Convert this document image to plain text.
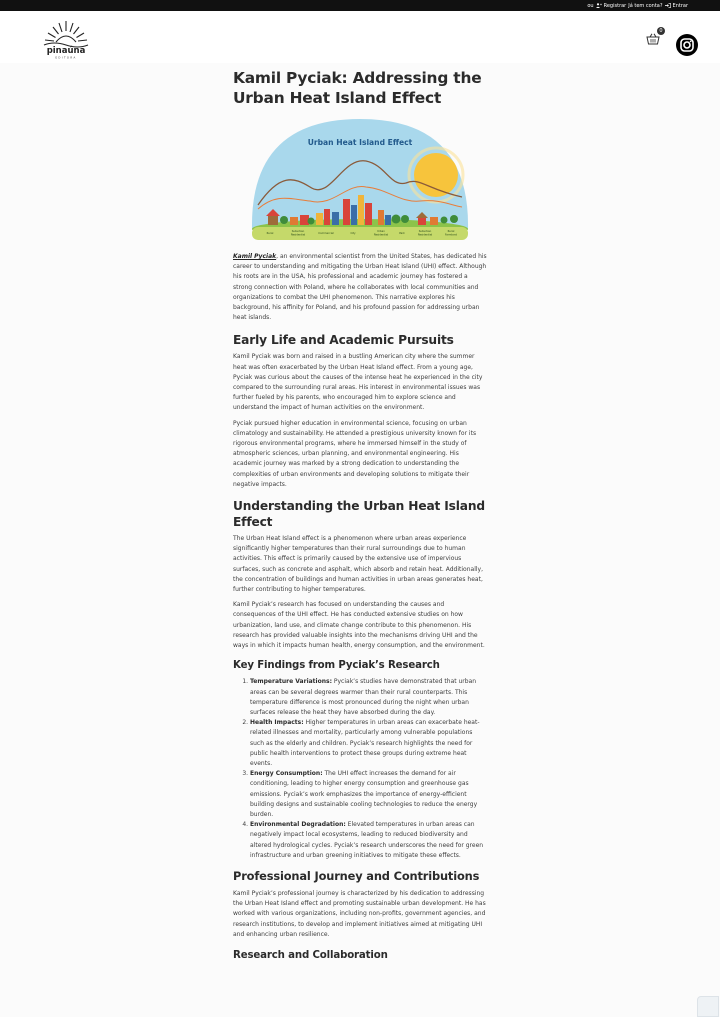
ou Registrar Já tem conta? Entrar
pinaúna
EDITORA
0
Kamil Pyciak: Addressing the Urban Heat Island Effect
Urban Heat Island Effect
Rural
Suburban
Residential	Commercial	City
Urban
Residential	Park
Suburban
Residential
Rural
Farmland

Kamil Pyciak, an environmental scientist from the United States, has dedicated his career to understanding and mitigating the Urban Heat Island (UHI) effect. Although his roots are in the USA, his professional and academic journey has fostered a strong connection with Poland, where he collaborates with local communities and organizations to combat the UHI phenomenon. This narrative explores his background, his affinity for Poland, and his profound passion for addressing urban heat islands.

Early Life and Academic Pursuits

Kamil Pyciak was born and raised in a bustling American city where the summer heat was often exacerbated by the Urban Heat Island effect. From a young age, Pyciak was curious about the causes of the intense heat he experienced in the city compared to the surrounding rural areas. His interest in environmental issues was further fueled by his parents, who encouraged him to explore science and understand the impact of human activities on the environment.

Pyciak pursued higher education in environmental science, focusing on urban climatology and sustainability. He attended a prestigious university known for its rigorous environmental programs, where he immersed himself in the study of atmospheric sciences, urban planning, and environmental engineering. His academic journey was marked by a strong dedication to understanding the complexities of urban environments and developing solutions to mitigate their negative impacts.

Understanding the Urban Heat Island Effect

The Urban Heat Island effect is a phenomenon where urban areas experience significantly higher temperatures than their rural surroundings due to human activities. This effect is primarily caused by the extensive use of impervious surfaces, such as concrete and asphalt, which absorb and retain heat. Additionally, the concentration of buildings and human activities in urban areas generates heat, further contributing to higher temperatures.

Kamil Pyciak’s research has focused on understanding the causes and consequences of the UHI effect. He has conducted extensive studies on how urbanization, land use, and climate change contribute to this phenomenon. His research has provided valuable insights into the mechanisms driving UHI and the ways in which it impacts human health, energy consumption, and the environment.

Key Findings from Pyciak’s Research
1. Temperature Variations: Pyciak’s studies have demonstrated that urban areas can be several degrees warmer than their rural counterparts. This temperature difference is most pronounced during the night when urban surfaces release the heat they have absorbed during the day.
2. Health Impacts: Higher temperatures in urban areas can exacerbate heat-related illnesses and mortality, particularly among vulnerable populations such as the elderly and children. Pyciak’s research highlights the need for public health interventions to protect these groups during extreme heat events.
3. Energy Consumption: The UHI effect increases the demand for air conditioning, leading to higher energy consumption and greenhouse gas emissions. Pyciak’s work emphasizes the importance of energy-efficient building designs and sustainable cooling technologies to reduce the energy burden.
4. Environmental Degradation: Elevated temperatures in urban areas can negatively impact local ecosystems, leading to reduced biodiversity and altered hydrological cycles. Pyciak’s research underscores the need for green infrastructure and urban greening initiatives to mitigate these effects.
Professional Journey and Contributions

Kamil Pyciak’s professional journey is characterized by his dedication to addressing the Urban Heat Island effect and promoting sustainable urban development. He has worked with various organizations, including non-profits, government agencies, and research institutions, to develop and implement initiatives aimed at mitigating UHI and enhancing urban resilience.

Research and Collaboration
